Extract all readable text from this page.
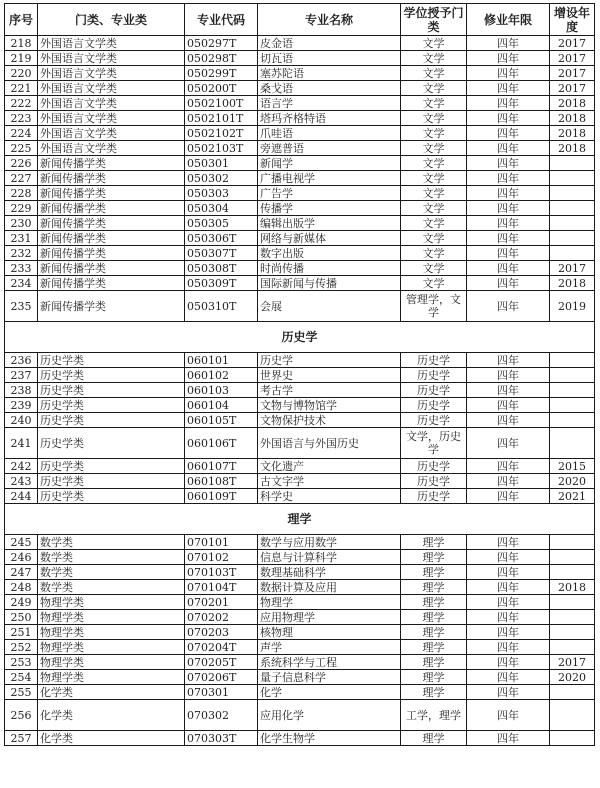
序号	门类、专业类	专业代码	专业名称	学位授予门类	修业年限	增设年度
218	外国语言文学类	050297T	皮金语	文学	四年	2017
219	外国语言文学类	050298T	切瓦语	文学	四年	2017
220	外国语言文学类	050299T	塞苏陀语	文学	四年	2017
221	外国语言文学类	050200T	桑戈语	文学	四年	2017
222	外国语言文学类	0502100T	语言学	文学	四年	2018
223	外国语言文学类	0502101T	塔玛齐格特语	文学	四年	2018
224	外国语言文学类	0502102T	爪哇语	文学	四年	2018
225	外国语言文学类	0502103T	旁遮普语	文学	四年	2018
226	新闻传播学类	050301	新闻学	文学	四年	
227	新闻传播学类	050302	广播电视学	文学	四年	
228	新闻传播学类	050303	广告学	文学	四年	
229	新闻传播学类	050304	传播学	文学	四年	
230	新闻传播学类	050305	编辑出版学	文学	四年	
231	新闻传播学类	050306T	网络与新媒体	文学	四年	
232	新闻传播学类	050307T	数字出版	文学	四年	
233	新闻传播学类	050308T	时尚传播	文学	四年	2017
234	新闻传播学类	050309T	国际新闻与传播	文学	四年	2018
235	新闻传播学类	050310T	会展	管理学，文学	四年	2019
历史学						
236	历史学类	060101	历史学	历史学	四年	
237	历史学类	060102	世界史	历史学	四年	
238	历史学类	060103	考古学	历史学	四年	
239	历史学类	060104	文物与博物馆学	历史学	四年	
240	历史学类	060105T	文物保护技术	历史学	四年	
241	历史学类	060106T	外国语言与外国历史	文学，历史学	四年	
242	历史学类	060107T	文化遗产	历史学	四年	2015
243	历史学类	060108T	古文字学	历史学	四年	2020
244	历史学类	060109T	科学史	历史学	四年	2021
理学						
245	数学类	070101	数学与应用数学	理学	四年	
246	数学类	070102	信息与计算科学	理学	四年	
247	数学类	070103T	数理基础科学	理学	四年	
248	数学类	070104T	数据计算及应用	理学	四年	2018
249	物理学类	070201	物理学	理学	四年	
250	物理学类	070202	应用物理学	理学	四年	
251	物理学类	070203	核物理	理学	四年	
252	物理学类	070204T	声学	理学	四年	
253	物理学类	070205T	系统科学与工程	理学	四年	2017
254	物理学类	070206T	量子信息科学	理学	四年	2020
255	化学类	070301	化学	理学	四年	
256	化学类	070302	应用化学	工学，理学	四年	
257	化学类	070303T	化学生物学	理学	四年	
